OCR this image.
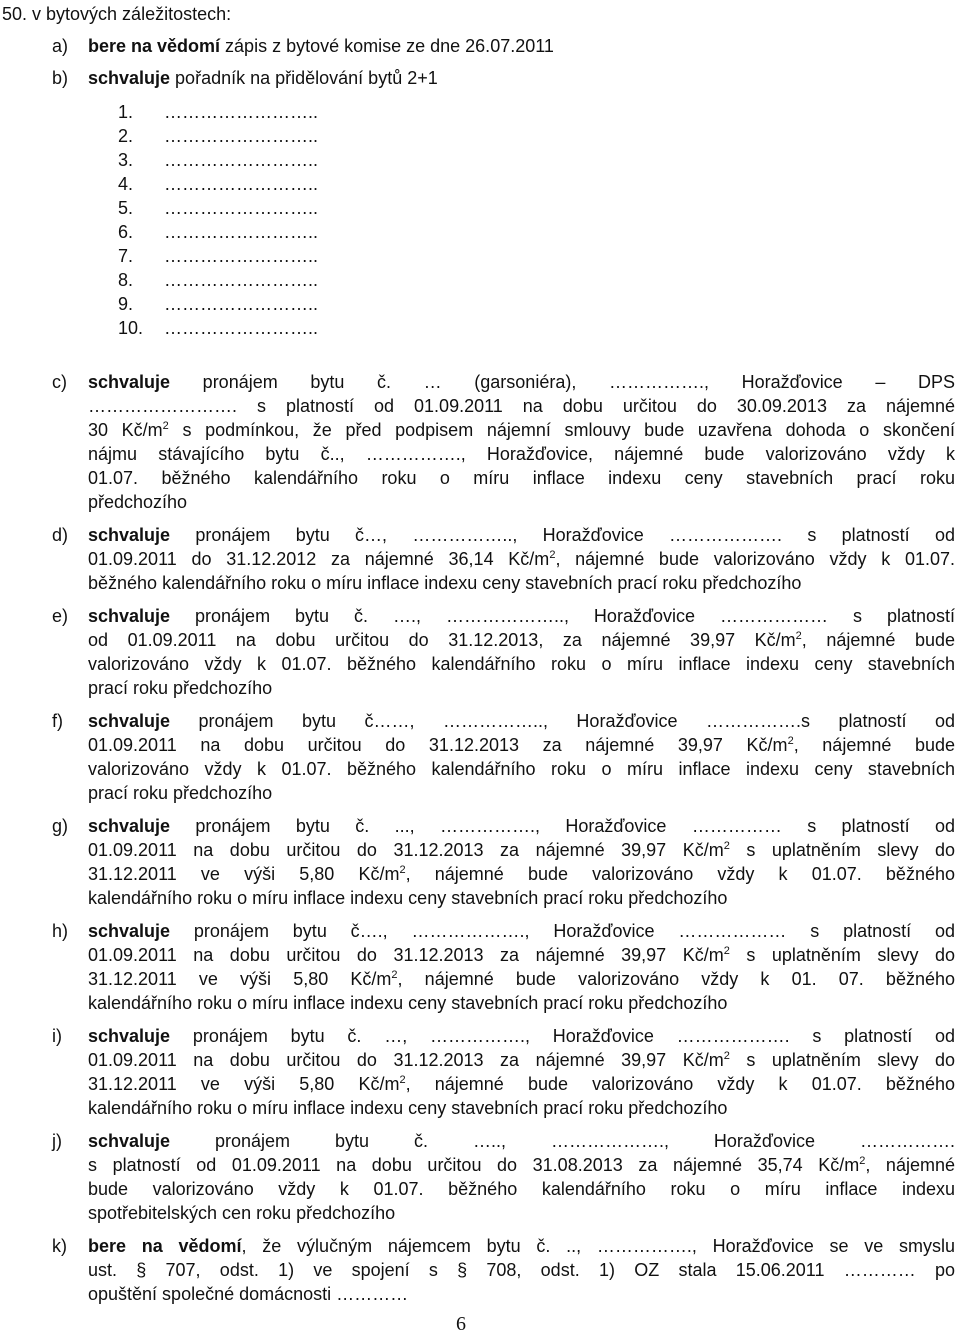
50. v bytových záležitostech:
a) bere na vědomí zápis z bytové komise ze dne 26.07.2011
b) schvaluje pořadník na přidělování bytů 2+1
1. ……………………..
2. ……………………..
3. ……………………..
4. ……………………..
5. ……………………..
6. ……………………..
7. ……………………..
8. ……………………..
9. ……………………..
10. ……………………..
c) schvaluje pronájem bytu č. … (garsoniéra), ……………., Horažďovice – DPS
……………………. s platností od 01.09.2011 na dobu určitou do 30.09.2013 za nájemné
30 $Kč/m^2$ s podmínkou, že před podpisem nájemní smlouvy bude uzavřena dohoda o skončení
nájmu stávajícího bytu č.., ……………., Horažďovice, nájemné bude valorizováno vždy k
01.07. běžného kalendářního roku o míru inflace indexu ceny stavebních prací roku
předchozího
d) schvaluje pronájem bytu č…, …………….., Horažďovice ………………. s platností od
01.09.2011 do 31.12.2012 za nájemné 36,14 $Kč/m^2$, nájemné bude valorizováno vždy k 01.07.
běžného kalendářního roku o míru inflace indexu ceny stavebních prací roku předchozího
e) schvaluje pronájem bytu č. …., ……………….., Horažďovice ……………… s platností
od 01.09.2011 na dobu určitou do 31.12.2013, za nájemné 39,97 $Kč/m^2$, nájemné bude
valorizováno vždy k 01.07. běžného kalendářního roku o míru inflace indexu ceny stavebních
prací roku předchozího
f) schvaluje pronájem bytu č……, …………….., Horažďovice …………….s platností od
01.09.2011 na dobu určitou do 31.12.2013 za nájemné 39,97 $Kč/m^2$, nájemné bude
valorizováno vždy k 01.07. běžného kalendářního roku o míru inflace indexu ceny stavebních
prací roku předchozího
g) schvaluje pronájem bytu č. ..., ……………., Horažďovice …………… s platností od
01.09.2011 na dobu určitou do 31.12.2013 za nájemné 39,97 $Kč/m^2$ s uplatněním slevy do
31.12.2011 ve výši 5,80 $Kč/m^2$, nájemné bude valorizováno vždy k 01.07. běžného
kalendářního roku o míru inflace indexu ceny stavebních prací roku předchozího
h) schvaluje pronájem bytu č…., ………………., Horažďovice ……………… s platností od
01.09.2011 na dobu určitou do 31.12.2013 za nájemné 39,97 $Kč/m^2$ s uplatněním slevy do
31.12.2011 ve výši 5,80 $Kč/m^2$, nájemné bude valorizováno vždy k 01. 07. běžného
kalendářního roku o míru inflace indexu ceny stavebních prací roku předchozího
i) schvaluje pronájem bytu č. …, ……………., Horažďovice ………………. s platností od
01.09.2011 na dobu určitou do 31.12.2013 za nájemné 39,97 $Kč/m^2$ s uplatněním slevy do
31.12.2011 ve výši 5,80 $Kč/m^2$, nájemné bude valorizováno vždy k 01.07. běžného
kalendářního roku o míru inflace indexu ceny stavebních prací roku předchozího
j) schvaluje pronájem bytu č. ….., ………………., Horažďovice …………….
s platností od 01.09.2011 na dobu určitou do 31.08.2013 za nájemné 35,74 $Kč/m^2$, nájemné
bude valorizováno vždy k 01.07. běžného kalendářního roku o míru inflace indexu
spotřebitelských cen roku předchozího
k) bere na vědomí, že výlučným nájemcem bytu č. .., ……………., Horažďovice se ve smyslu
ust. § 707, odst. 1) ve spojení s § 708, odst. 1) OZ stala 15.06.2011 ………… po
opuštění společné domácnosti …………
6
